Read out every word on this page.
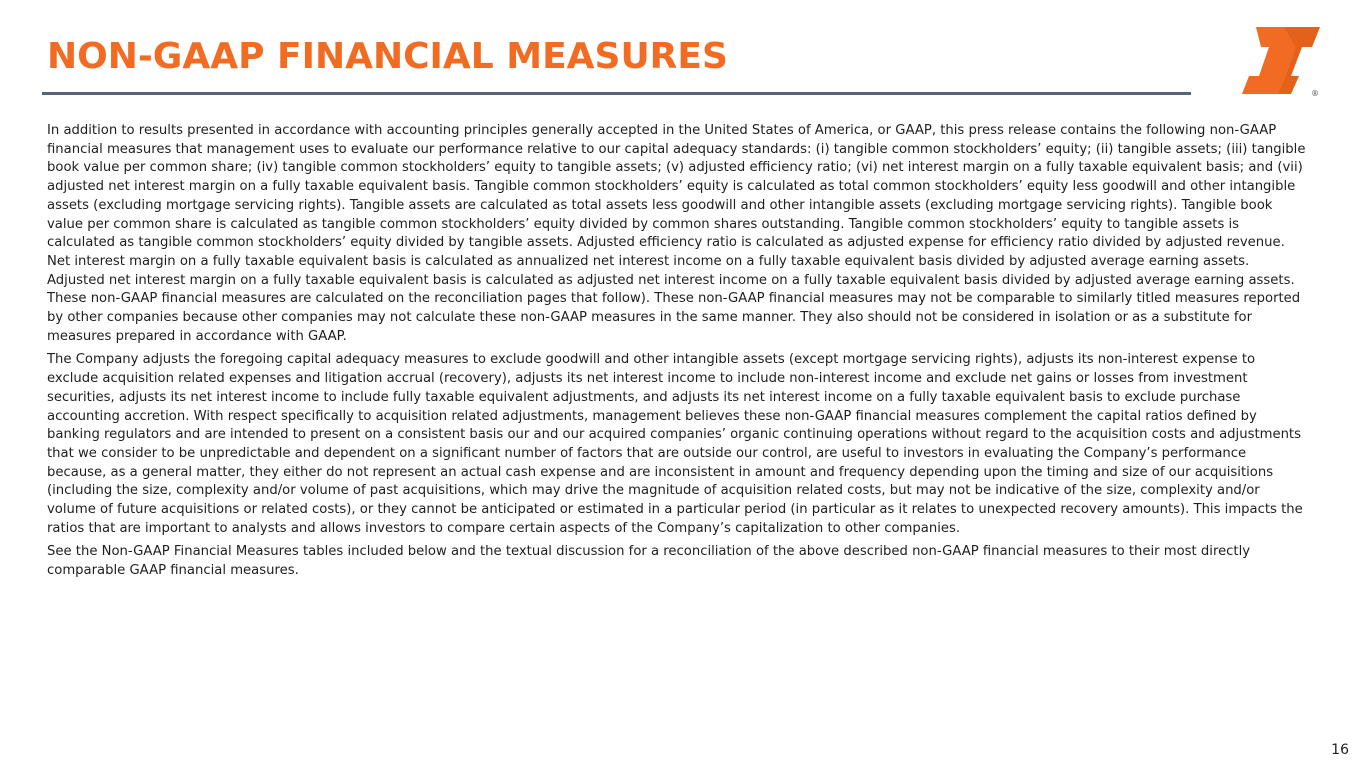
NON-GAAP FINANCIAL MEASURES
®

In addition to results presented in accordance with accounting principles generally accepted in the United States of America, or GAAP, this press release contains the following non-GAAP financial measures that management uses to evaluate our performance relative to our capital adequacy standards: (i) tangible common stockholders’ equity; (ii) tangible assets; (iii) tangible book value per common share; (iv) tangible common stockholders’ equity to tangible assets; (v) adjusted efficiency ratio; (vi) net interest margin on a fully taxable equivalent basis; and (vii) adjusted net interest margin on a fully taxable equivalent basis. Tangible common stockholders’ equity is calculated as total common stockholders’ equity less goodwill and other intangible assets (excluding mortgage servicing rights). Tangible assets are calculated as total assets less goodwill and other intangible assets (excluding mortgage servicing rights). Tangible book value per common share is calculated as tangible common stockholders’ equity divided by common shares outstanding. Tangible common stockholders’ equity to tangible assets is calculated as tangible common stockholders’ equity divided by tangible assets. Adjusted efficiency ratio is calculated as adjusted expense for efficiency ratio divided by adjusted revenue. Net interest margin on a fully taxable equivalent basis is calculated as annualized net interest income on a fully taxable equivalent basis divided by adjusted average earning assets. Adjusted net interest margin on a fully taxable equivalent basis is calculated as adjusted net interest income on a fully taxable equivalent basis divided by adjusted average earning assets. These non-GAAP financial measures are calculated on the reconciliation pages that follow). These non-GAAP financial measures may not be comparable to similarly titled measures reported by other companies because other companies may not calculate these non-GAAP measures in the same manner. They also should not be considered in isolation or as a substitute for measures prepared in accordance with GAAP.

The Company adjusts the foregoing capital adequacy measures to exclude goodwill and other intangible assets (except mortgage servicing rights), adjusts its non-interest expense to exclude acquisition related expenses and litigation accrual (recovery), adjusts its net interest income to include non-interest income and exclude net gains or losses from investment securities, adjusts its net interest income to include fully taxable equivalent adjustments, and adjusts its net interest income on a fully taxable equivalent basis to exclude purchase accounting accretion. With respect specifically to acquisition related adjustments, management believes these non-GAAP financial measures complement the capital ratios defined by banking regulators and are intended to present on a consistent basis our and our acquired companies’ organic continuing operations without regard to the acquisition costs and adjustments that we consider to be unpredictable and dependent on a significant number of factors that are outside our control, are useful to investors in evaluating the Company’s performance because, as a general matter, they either do not represent an actual cash expense and are inconsistent in amount and frequency depending upon the timing and size of our acquisitions (including the size, complexity and/or volume of past acquisitions, which may drive the magnitude of acquisition related costs, but may not be indicative of the size, complexity and/or volume of future acquisitions or related costs), or they cannot be anticipated or estimated in a particular period (in particular as it relates to unexpected recovery amounts). This impacts the ratios that are important to analysts and allows investors to compare certain aspects of the Company’s capitalization to other companies.

See the Non-GAAP Financial Measures tables included below and the textual discussion for a reconciliation of the above described non-GAAP financial measures to their most directly comparable GAAP financial measures.

16
